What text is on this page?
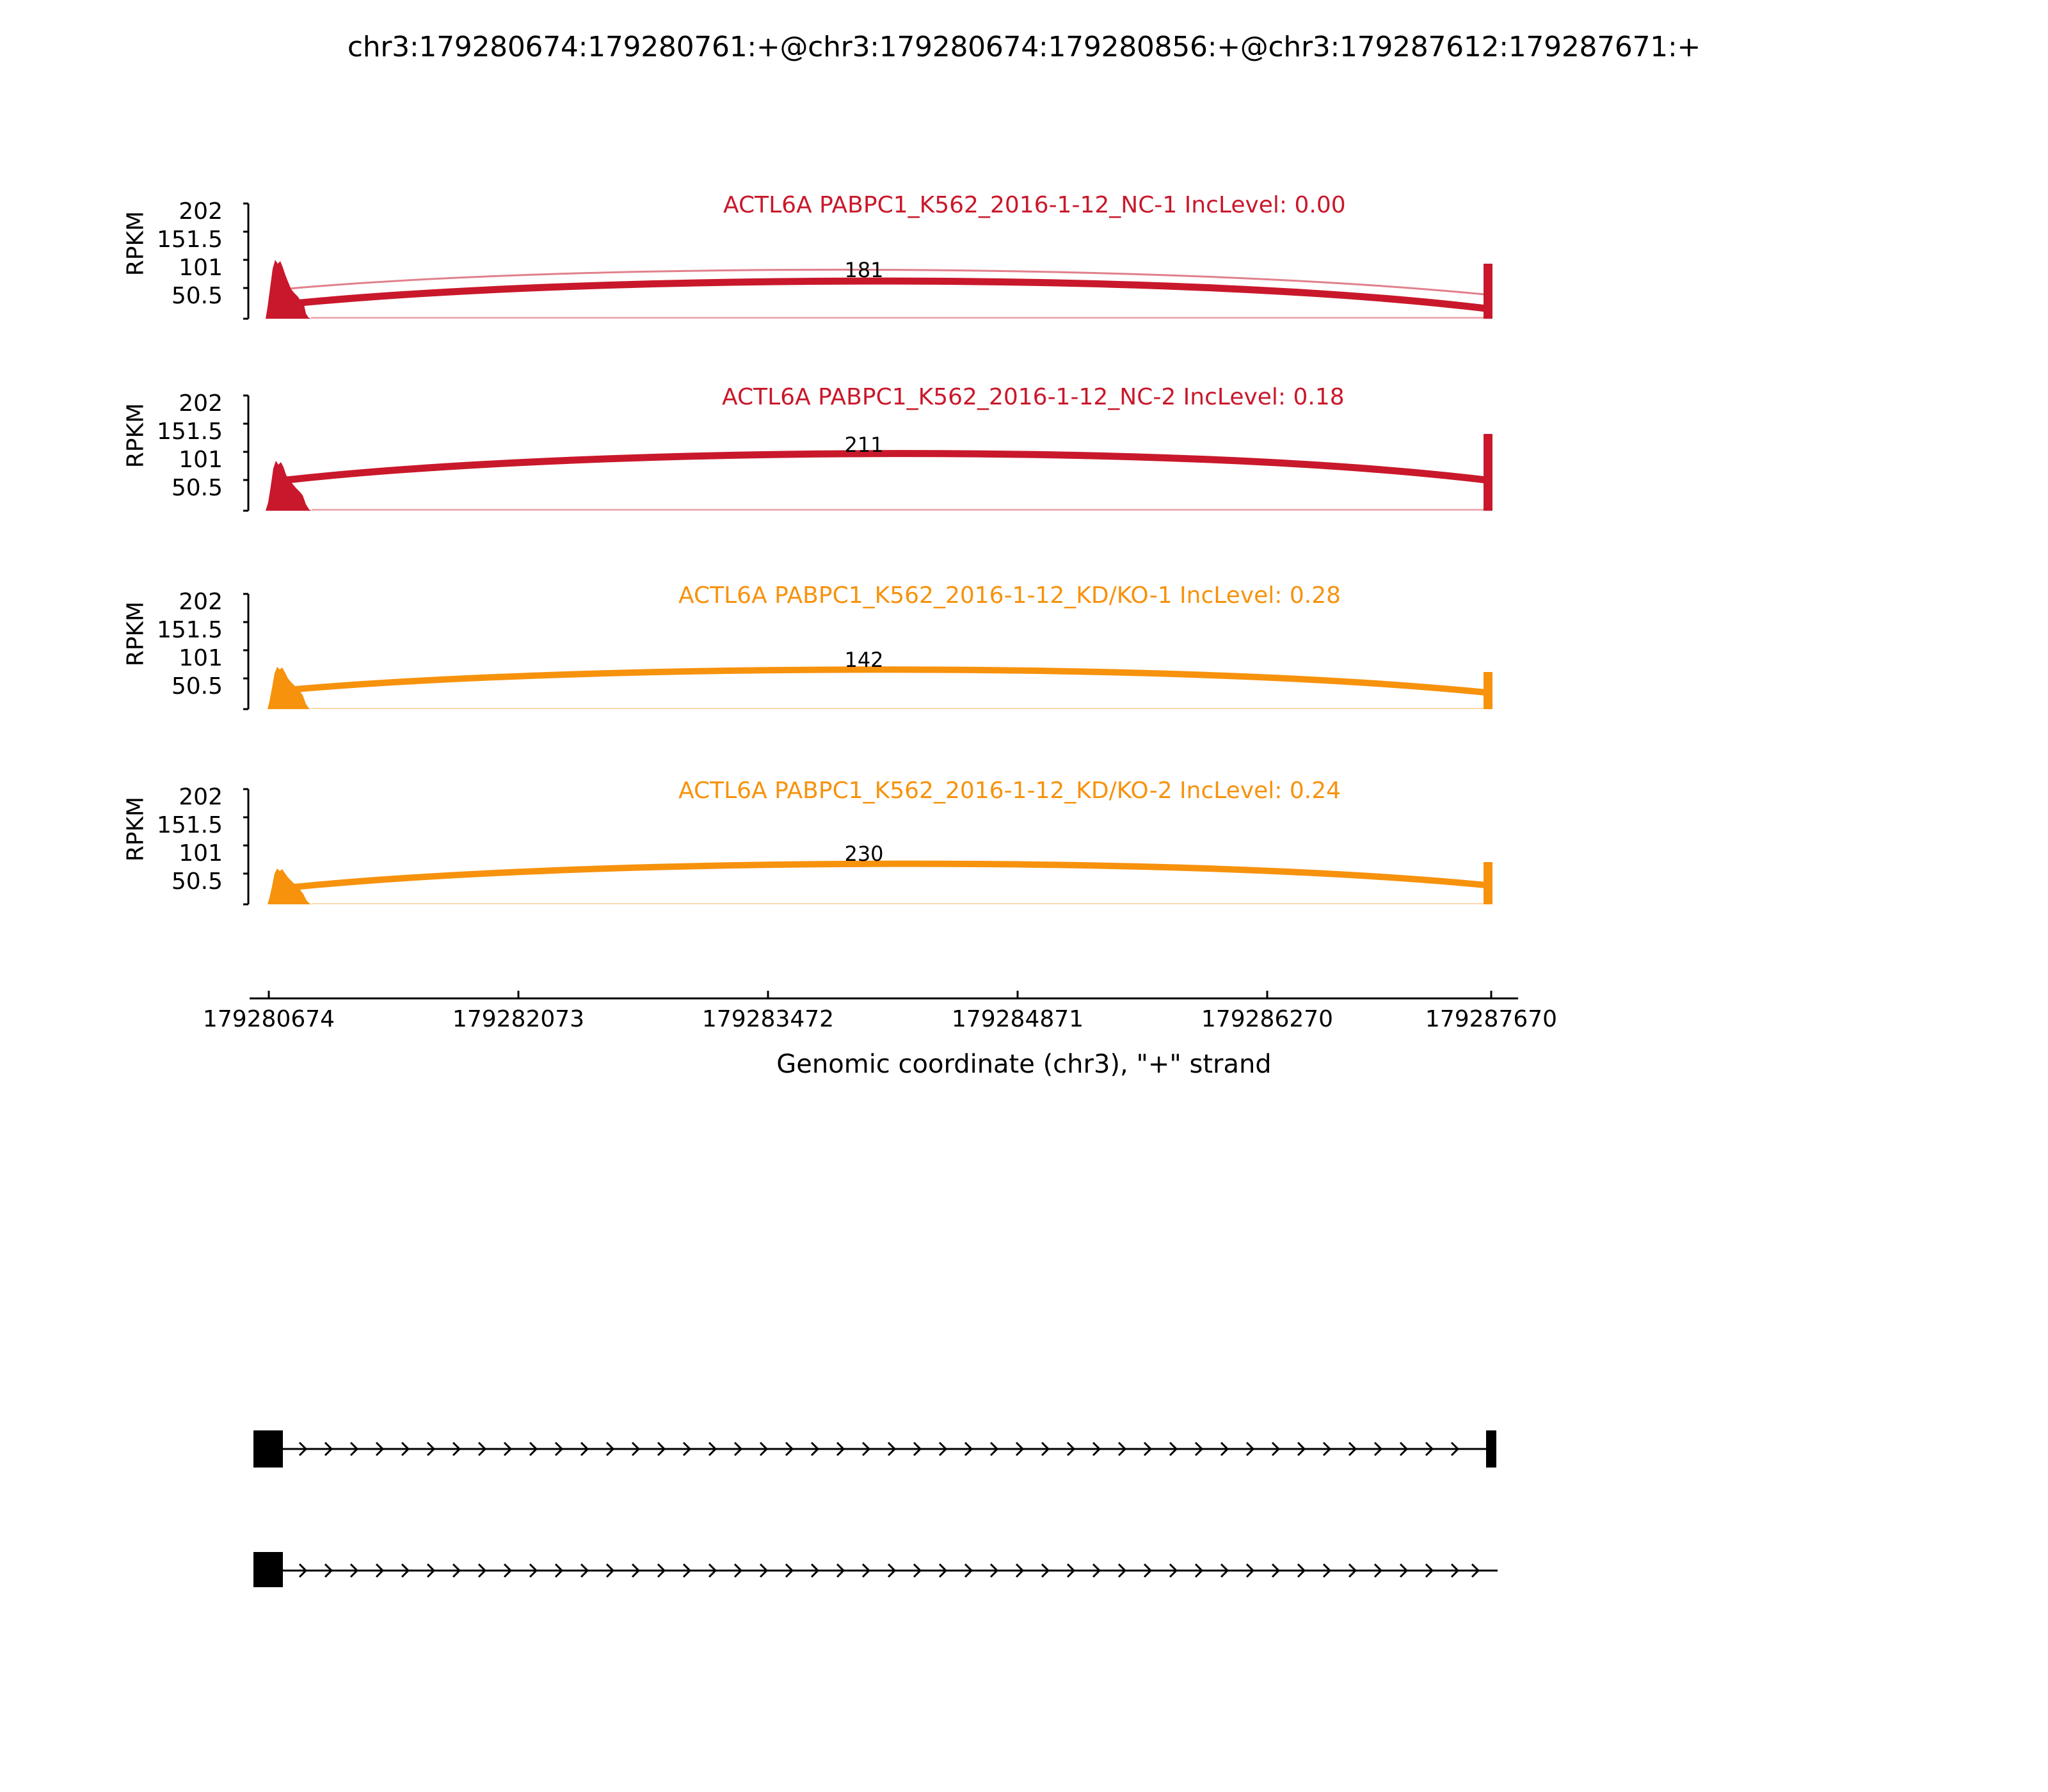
chr3:179280674:179280761:+@chr3:179280674:179280856:+@chr3:179287612:179287671:+
RPKM	202
151.5
101
50.5
ACTL6A PABPC1_K562_2016-1-12_NC-1 IncLevel: 0.00
181
RPKM	202
151.5
101
50.5
ACTL6A PABPC1_K562_2016-1-12_NC-2 IncLevel: 0.18
211
RPKM	202
151.5
101
50.5
ACTL6A PABPC1_K562_2016-1-12_KD/KO-1 IncLevel: 0.28
142
RPKM	202
151.5
101
50.5
ACTL6A PABPC1_K562_2016-1-12_KD/KO-2 IncLevel: 0.24
230
179280674	179282073	179283472	179284871	179286270	179287670
Genomic coordinate (chr3), "+" strand
